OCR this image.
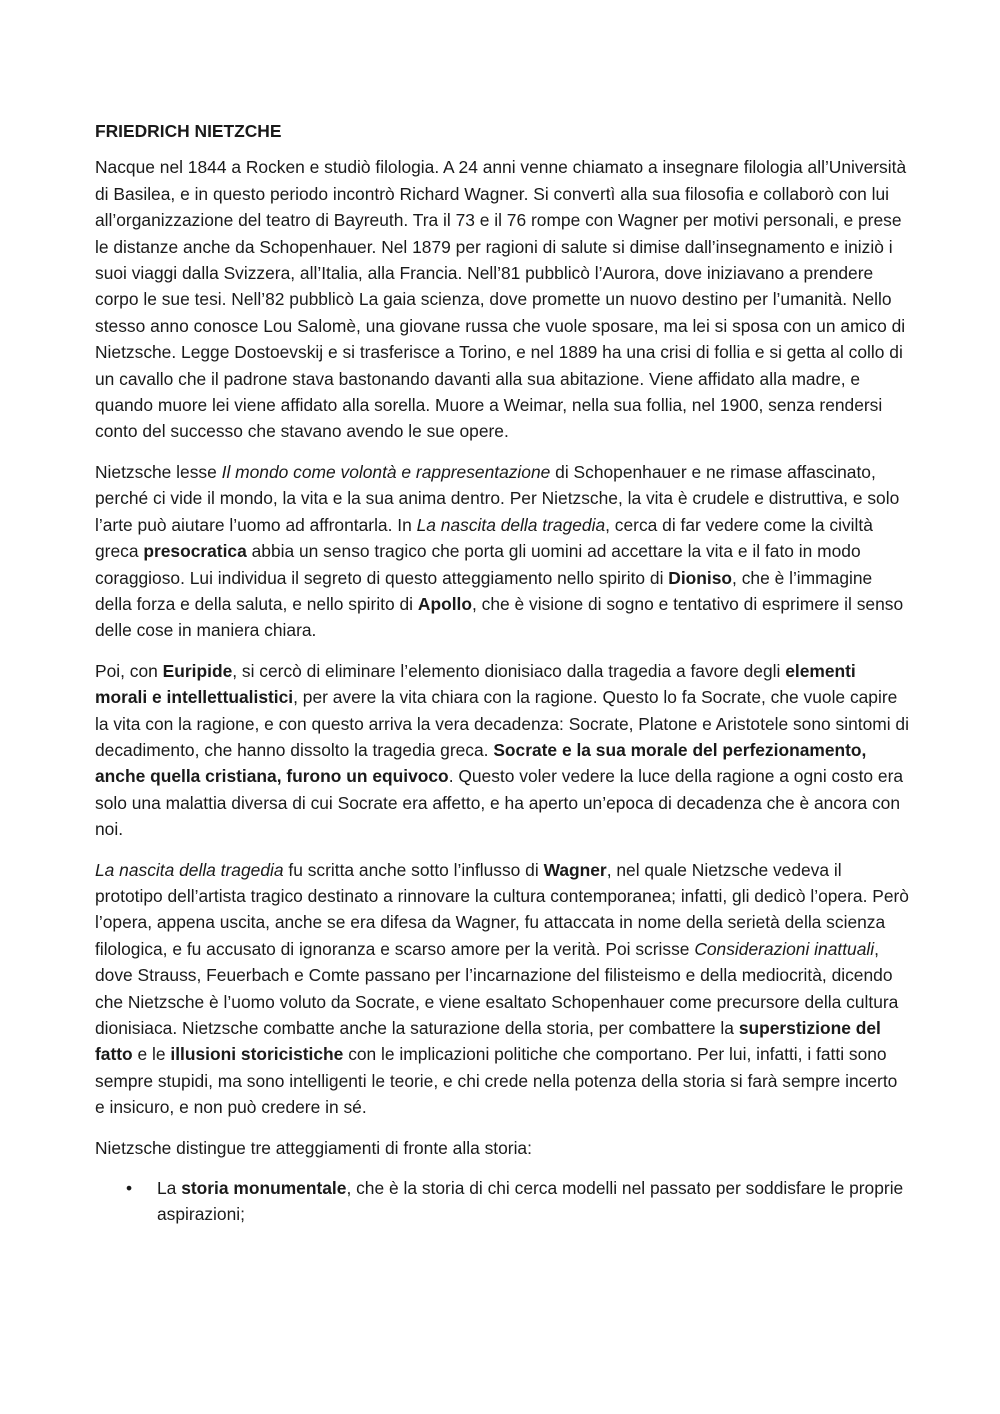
FRIEDRICH NIETZCHE

Nacque nel 1844 a Rocken e studiò filologia. A 24 anni venne chiamato a insegnare filologia all’Università di Basilea, e in questo periodo incontrò Richard Wagner. Si convertì alla sua filosofia e collaborò con lui all’organizzazione del teatro di Bayreuth. Tra il 73 e il 76 rompe con Wagner per motivi personali, e prese le distanze anche da Schopenhauer. Nel 1879 per ragioni di salute si dimise dall’insegnamento e iniziò i suoi viaggi dalla Svizzera, all’Italia, alla Francia. Nell’81 pubblicò l’Aurora, dove iniziavano a prendere corpo le sue tesi. Nell’82 pubblicò La gaia scienza, dove promette un nuovo destino per l’umanità. Nello stesso anno conosce Lou Salomè, una giovane russa che vuole sposare, ma lei si sposa con un amico di Nietzsche. Legge Dostoevskij e si trasferisce a Torino, e nel 1889 ha una crisi di follia e si getta al collo di un cavallo che il padrone stava bastonando davanti alla sua abitazione. Viene affidato alla madre, e quando muore lei viene affidato alla sorella. Muore a Weimar, nella sua follia, nel 1900, senza rendersi conto del successo che stavano avendo le sue opere.

Nietzsche lesse Il mondo come volontà e rappresentazione di Schopenhauer e ne rimase affascinato, perché ci vide il mondo, la vita e la sua anima dentro. Per Nietzsche, la vita è crudele e distruttiva, e solo l’arte può aiutare l’uomo ad affrontarla. In La nascita della tragedia, cerca di far vedere come la civiltà greca presocratica abbia un senso tragico che porta gli uomini ad accettare la vita e il fato in modo coraggioso. Lui individua il segreto di questo atteggiamento nello spirito di Dioniso, che è l’immagine della forza e della saluta, e nello spirito di Apollo, che è visione di sogno e tentativo di esprimere il senso delle cose in maniera chiara.

Poi, con Euripide, si cercò di eliminare l’elemento dionisiaco dalla tragedia a favore degli elementi morali e intellettualistici, per avere la vita chiara con la ragione. Questo lo fa Socrate, che vuole capire la vita con la ragione, e con questo arriva la vera decadenza: Socrate, Platone e Aristotele sono sintomi di decadimento, che hanno dissolto la tragedia greca. Socrate e la sua morale del perfezionamento, anche quella cristiana, furono un equivoco. Questo voler vedere la luce della ragione a ogni costo era solo una malattia diversa di cui Socrate era affetto, e ha aperto un’epoca di decadenza che è ancora con noi.

La nascita della tragedia fu scritta anche sotto l’influsso di Wagner, nel quale Nietzsche vedeva il prototipo dell’artista tragico destinato a rinnovare la cultura contemporanea; infatti, gli dedicò l’opera. Però l’opera, appena uscita, anche se era difesa da Wagner, fu attaccata in nome della serietà della scienza filologica, e fu accusato di ignoranza e scarso amore per la verità. Poi scrisse Considerazioni inattuali, dove Strauss, Feuerbach e Comte passano per l’incarnazione del filisteismo e della mediocrità, dicendo che Nietzsche è l’uomo voluto da Socrate, e viene esaltato Schopenhauer come precursore della cultura dionisiaca. Nietzsche combatte anche la saturazione della storia, per combattere la superstizione del fatto e le illusioni storicistiche con le implicazioni politiche che comportano. Per lui, infatti, i fatti sono sempre stupidi, ma sono intelligenti le teorie, e chi crede nella potenza della storia si farà sempre incerto e insicuro, e non può credere in sé.

Nietzsche distingue tre atteggiamenti di fronte alla storia:

• La storia monumentale, che è la storia di chi cerca modelli nel passato per soddisfare le proprie aspirazioni;
